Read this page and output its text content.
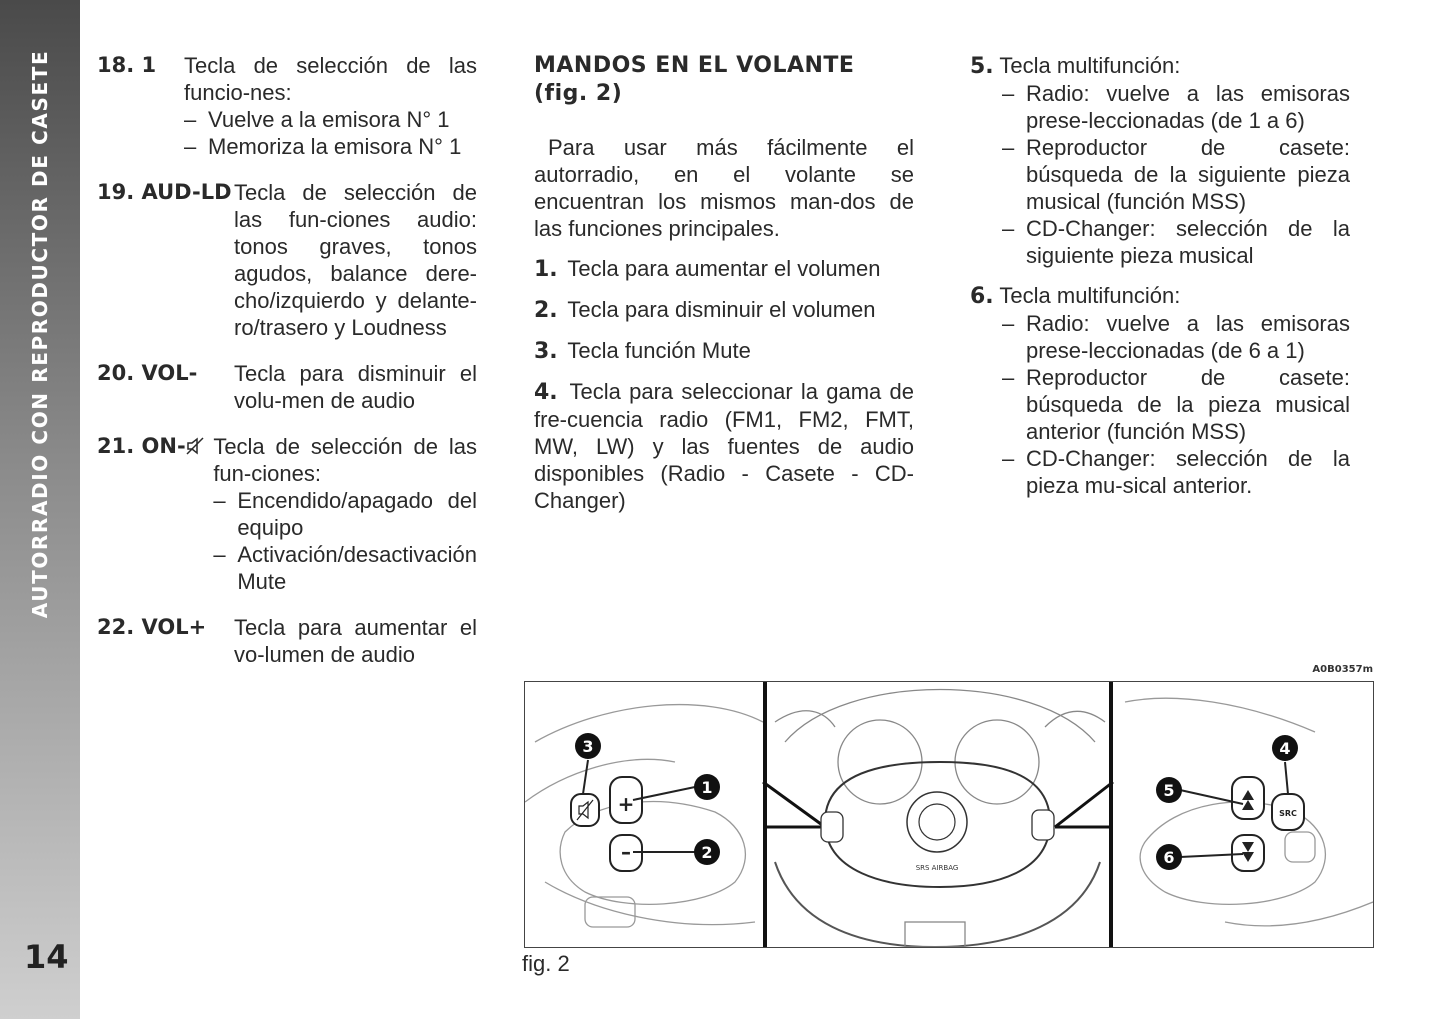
AUTORRADIO CON REPRODUCTOR DE CASETE
14
18. 1	Tecla de selección de las funcio-nes:
– Vuelve a la emisora N° 1
– Memoriza la emisora N° 1
19. AUD-LD Tecla de selección de las fun-ciones audio: tonos graves, tonos agudos, balance dere-cho/izquierdo y delante-ro/trasero y Loudness
20. VOL-	Tecla para disminuir el volu-men de audio
21. ON-	Tecla de selección de las fun-ciones:
– Encendido/apagado del equipo
– Activación/desactivación Mute
22. VOL+	Tecla para aumentar el vo-lumen de audio
MANDOS EN EL VOLANTE
(fig. 2)

Para usar más fácilmente el autorradio, en el volante se encuentran los mismos man-dos de las funciones principales.

1. Tecla para aumentar el volumen
2. Tecla para disminuir el volumen
3. Tecla función Mute
4. Tecla para seleccionar la gama de fre-cuencia radio (FM1, FM2, FMT, MW, LW) y las fuentes de audio disponibles (Radio - Casete - CD-Changer)
5. Tecla multifunción:
– Radio: vuelve a las emisoras prese-leccionadas (de 1 a 6)
– Reproductor de casete: búsqueda de la siguiente pieza musical (función MSS)
– CD-Changer: selección de la siguiente pieza musical
6. Tecla multifunción:
– Radio: vuelve a las emisoras prese-leccionadas (de 6 a 1)
– Reproductor de casete: búsqueda de la pieza musical anterior (función MSS)
– CD-Changer: selección de la pieza mu-sical anterior.
A0B0357m
+
–
3
1
2
SRS AIRBAG
SRC
4
5
6
fig. 2
